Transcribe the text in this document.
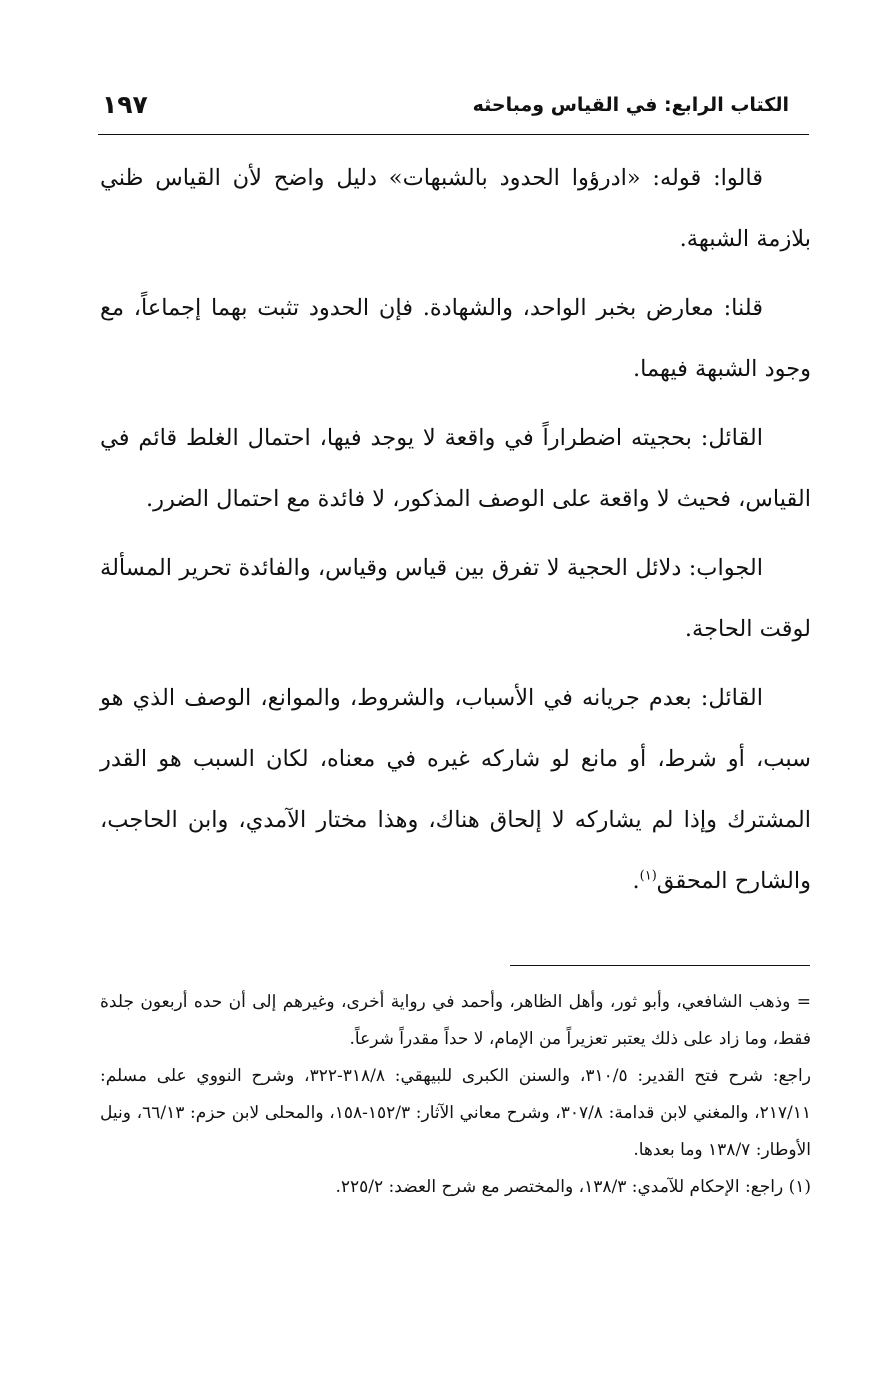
الكتاب الرابع: في القياس ومباحثه
١٩٧

قالوا: قوله: «ادرؤوا الحدود بالشبهات» دليل واضح لأن القياس ظني بلازمة الشبهة.

قلنا: معارض بخبر الواحد، والشهادة. فإن الحدود تثبت بهما إجماعاً، مع وجود الشبهة فيهما.

القائل: بحجيته اضطراراً في واقعة لا يوجد فيها، احتمال الغلط قائم في القياس، فحيث لا واقعة على الوصف المذكور، لا فائدة مع احتمال الضرر.

الجواب: دلائل الحجية لا تفرق بين قياس وقياس، والفائدة تحرير المسألة لوقت الحاجة.

القائل: بعدم جريانه في الأسباب، والشروط، والموانع، الوصف الذي هو سبب، أو شرط، أو مانع لو شاركه غيره في معناه، لكان السبب هو القدر المشترك وإذا لم يشاركه لا إلحاق هناك، وهذا مختار الآمدي، وابن الحاجب، والشارح المحقق$^{(١)}$.

= وذهب الشافعي، وأبو ثور، وأهل الظاهر، وأحمد في رواية أخرى، وغيرهم إلى أن حده أربعون جلدة فقط، وما زاد على ذلك يعتبر تعزيراً من الإمام، لا حداً مقدراً شرعاً.

راجع: شرح فتح القدير: ٣١٠/٥، والسنن الكبرى للبيهقي: ٣١٨/٨-٣٢٢، وشرح النووي على مسلم: ٢١٧/١١، والمغني لابن قدامة: ٣٠٧/٨، وشرح معاني الآثار: ١٥٢/٣-١٥٨، والمحلى لابن حزم: ٦٦/١٣، ونيل الأوطار: ١٣٨/٧ وما بعدها.

(١) راجع: الإحكام للآمدي: ١٣٨/٣، والمختصر مع شرح العضد: ٢٢٥/٢.
